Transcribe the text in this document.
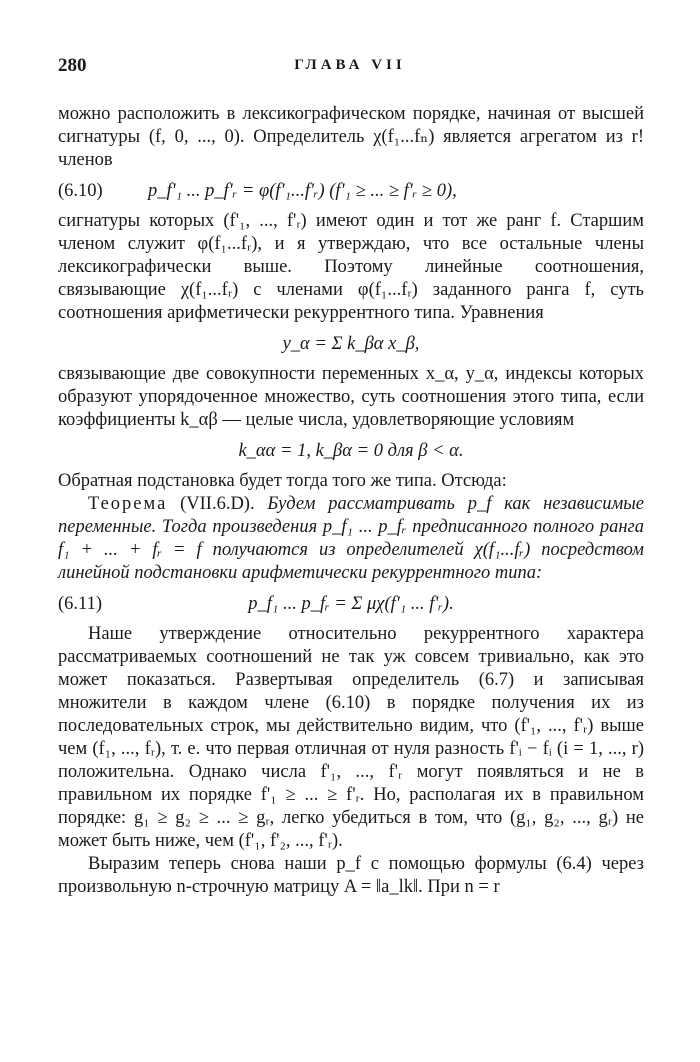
280	ГЛАВА VII

можно расположить в лексикографическом порядке, начиная от высшей сигнатуры (f, 0, ..., 0). Определитель χ(f₁...fₙ) является агрегатом из r! членов

(6.10) p_f'₁ ... p_f'ᵣ = φ(f'₁...f'ᵣ) (f'₁ ≥ ... ≥ f'ᵣ ≥ 0),

сигнатуры которых (f'₁, ..., f'ᵣ) имеют один и тот же ранг f. Старшим членом служит φ(f₁...fᵣ), и я утверждаю, что все остальные члены лексикографически выше. Поэтому линейные соотношения, связывающие χ(f₁...fᵣ) с членами φ(f₁...fᵣ) заданного ранга f, суть соотношения арифметически рекуррентного типа. Уравнения

y_α = Σ k_βα x_β,

связывающие две совокупности переменных x_α, y_α, индексы которых образуют упорядоченное множество, суть соотношения этого типа, если коэффициенты k_αβ — целые числа, удовлетворяющие условиям

k_αα = 1, k_βα = 0 для β < α.

Обратная подстановка будет тогда того же типа. Отсюда:

Теорема (VII.6.D). Будем рассматривать p_f как независимые переменные. Тогда произведения p_f₁ ... p_fᵣ предписанного полного ранга f₁ + ... + fᵣ = f получаются из определителей χ(f₁...fᵣ) посредством линейной подстановки арифметически рекуррентного типа:

(6.11)	p_f₁ ... p_fᵣ = Σ μχ(f'₁ ... f'ᵣ).

Наше утверждение относительно рекуррентного характера рассматриваемых соотношений не так уж совсем тривиально, как это может показаться. Развертывая определитель (6.7) и записывая множители в каждом члене (6.10) в порядке получения их из последовательных строк, мы действительно видим, что (f'₁, ..., f'ᵣ) выше чем (f₁, ..., fᵣ), т. е. что первая отличная от нуля разность f'ᵢ − fᵢ (i = 1, ..., r) положительна. Однако числа f'₁, ..., f'ᵣ могут появляться и не в правильном их порядке f'₁ ≥ ... ≥ f'ᵣ. Но, располагая их в правильном порядке: g₁ ≥ g₂ ≥ ... ≥ gᵣ, легко убедиться в том, что (g₁, g₂, ..., gᵣ) не может быть ниже, чем (f'₁, f'₂, ..., f'ᵣ).

Выразим теперь снова наши p_f с помощью формулы (6.4) через произвольную n-строчную матрицу A = ‖a_lk‖. При n = r
